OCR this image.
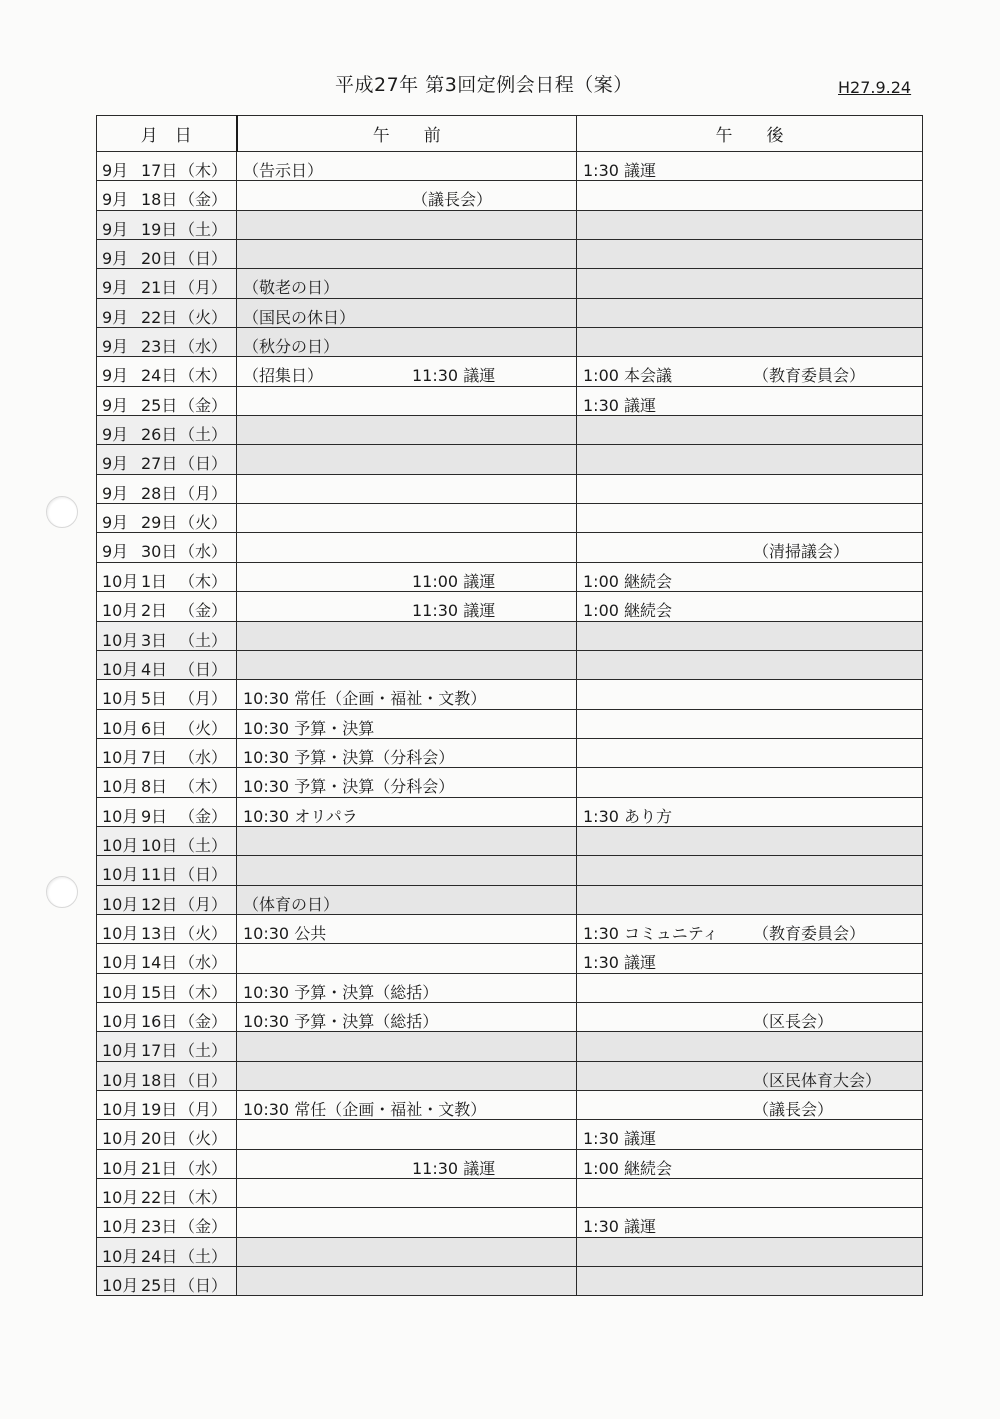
平成27年 第3回定例会日程（案）	H27.9.24
月　日	午　　前	午　　後

9月 17日 （木）	（告示日）	1:30 議運

9月 18日 （金）	（議長会）	

9月 19日 （土）		

9月 20日 （日）		

9月 21日 （月）	（敬老の日）	

9月 22日 （火）	（国民の休日）	

9月 23日 （水）	（秋分の日）	

9月 24日 （木）	（招集日） 11:30 議運	1:00 本会議 （教育委員会）

9月 25日 （金）		1:30 議運

9月 26日 （土）		

9月 27日 （日）		

9月 28日 （月）		

9月 29日 （火）		

9月 30日 （水）		（清掃議会）

10月 1日 （木）	11:00 議運	1:00 継続会

10月 2日 （金）	11:30 議運	1:00 継続会

10月 3日 （土）		

10月 4日 （日）		

10月 5日 （月）	10:30 常任（企画・福祉・文教）	

10月 6日 （火）	10:30 予算・決算	

10月 7日 （水）	10:30 予算・決算（分科会）	

10月 8日 （木）	10:30 予算・決算（分科会）	

10月 9日 （金）	10:30 オリパラ	1:30 あり方

10月 10日 （土）		

10月 11日 （日）		

10月 12日 （月）	（体育の日）	

10月 13日 （火）	10:30 公共	1:30 コミュニティ （教育委員会）

10月 14日 （水）		1:30 議運

10月 15日 （木）	10:30 予算・決算（総括）	

10月 16日 （金）	10:30 予算・決算（総括）	（区長会）

10月 17日 （土）		

10月 18日 （日）		（区民体育大会）

10月 19日 （月）	10:30 常任（企画・福祉・文教）	（議長会）

10月 20日 （火）		1:30 議運

10月 21日 （水）	11:30 議運	1:00 継続会

10月 22日 （木）		

10月 23日 （金）		1:30 議運

10月 24日 （土）		

10月 25日 （日）		
